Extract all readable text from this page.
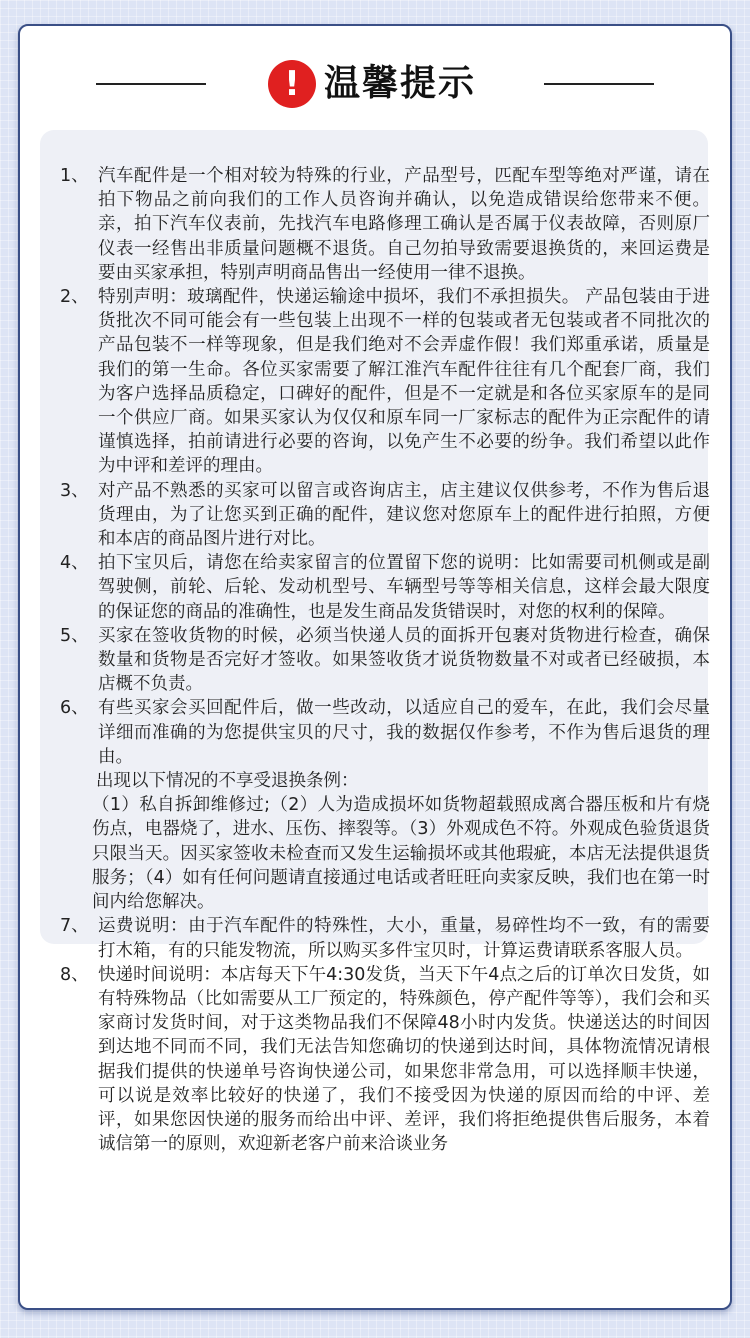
! 温馨提示
1、 汽车配件是一个相对较为特殊的行业，产品型号，匹配车型等绝对严谨，请在拍下物品之前向我们的工作人员咨询并确认，以免造成错误给您带来不便。亲，拍下汽车仪表前，先找汽车电路修理工确认是否属于仪表故障，否则原厂仪表一经售出非质量问题概不退货。自己勿拍导致需要退换货的，来回运费是要由买家承担，特别声明商品售出一经使用一律不退换。
2、 特别声明：玻璃配件，快递运输途中损坏，我们不承担损失。 产品包装由于进货批次不同可能会有一些包装上出现不一样的包装或者无包装或者不同批次的产品包装不一样等现象，但是我们绝对不会弄虚作假！我们郑重承诺，质量是我们的第一生命。各位买家需要了解江淮汽车配件往往有几个配套厂商，我们为客户选择品质稳定，口碑好的配件，但是不一定就是和各位买家原车的是同一个供应厂商。如果买家认为仅仅和原车同一厂家标志的配件为正宗配件的请谨慎选择，拍前请进行必要的咨询，以免产生不必要的纷争。我们希望以此作为中评和差评的理由。
3、 对产品不熟悉的买家可以留言或咨询店主，店主建议仅供参考，不作为售后退货理由，为了让您买到正确的配件，建议您对您原车上的配件进行拍照，方便和本店的商品图片进行对比。
4、 拍下宝贝后，请您在给卖家留言的位置留下您的说明：比如需要司机侧或是副驾驶侧，前轮、后轮、发动机型号、车辆型号等等相关信息，这样会最大限度的保证您的商品的准确性，也是发生商品发货错误时，对您的权利的保障。
5、 买家在签收货物的时候，必须当快递人员的面拆开包裹对货物进行检查，确保数量和货物是否完好才签收。如果签收货才说货物数量不对或者已经破损，本店概不负责。
6、 有些买家会买回配件后，做一些改动，以适应自己的爱车，在此，我们会尽量详细而准确的为您提供宝贝的尺寸，我的数据仅作参考，不作为售后退货的理由。
出现以下情况的不享受退换条例：
（1）私自拆卸维修过;（2）人为造成损坏如货物超载照成离合器压板和片有烧伤点，电器烧了，进水、压伤、摔裂等。（3）外观成色不符。外观成色验货退货只限当天。因买家签收未检查而又发生运输损坏或其他瑕疵，本店无法提供退货服务；（4）如有任何问题请直接通过电话或者旺旺向卖家反映，我们也在第一时间内给您解决。
7、 运费说明：由于汽车配件的特殊性，大小，重量，易碎性均不一致，有的需要打木箱，有的只能发物流，所以购买多件宝贝时，计算运费请联系客服人员。
8、 快递时间说明：本店每天下午4:30发货，当天下午4点之后的订单次日发货，如有特殊物品（比如需要从工厂预定的，特殊颜色，停产配件等等），我们会和买家商讨发货时间，对于这类物品我们不保障48小时内发货。快递送达的时间因到达地不同而不同，我们无法告知您确切的快递到达时间，具体物流情况请根据我们提供的快递单号咨询快递公司，如果您非常急用，可以选择顺丰快递，可以说是效率比较好的快递了，我们不接受因为快递的原因而给的中评、差评，如果您因快递的服务而给出中评、差评，我们将拒绝提供售后服务，本着诚信第一的原则，欢迎新老客户前来洽谈业务
